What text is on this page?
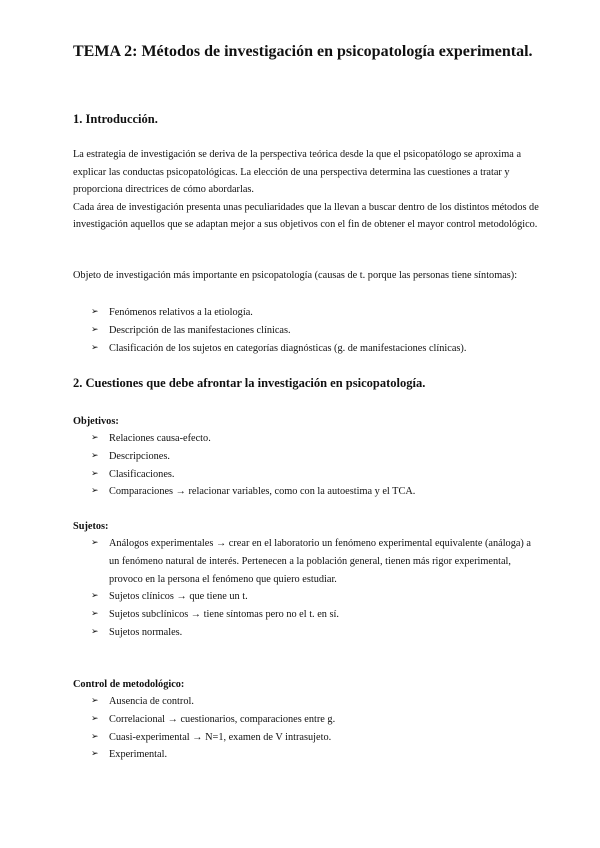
TEMA 2: Métodos de investigación en psicopatología experimental.
1. Introducción.

La estrategia de investigación se deriva de la perspectiva teórica desde la que el psicopatólogo se aproxima a explicar las conductas psicopatológicas. La elección de una perspectiva determina las cuestiones a tratar y proporciona directrices de cómo abordarlas.

Cada área de investigación presenta unas peculiaridades que la llevan a buscar dentro de los distintos métodos de investigación aquellos que se adaptan mejor a sus objetivos con el fin de obtener el mayor control metodológico.

Objeto de investigación más importante en psicopatología (causas de t. porque las personas tiene síntomas):
➢ Fenómenos relativos a la etiología.
➢ Descripción de las manifestaciones clínicas.
➢ Clasificación de los sujetos en categorías diagnósticas (g. de manifestaciones clínicas).
2. Cuestiones que debe afrontar la investigación en psicopatología.
Objetivos:
➢ Relaciones causa-efecto.
➢ Descripciones.
➢ Clasificaciones.
➢ Comparaciones → relacionar variables, como con la autoestima y el TCA.
Sujetos:
➢ Análogos experimentales → crear en el laboratorio un fenómeno experimental equivalente (análoga) a un fenómeno natural de interés. Pertenecen a la población general, tienen más rigor experimental, provoco en la persona el fenómeno que quiero estudiar.
➢ Sujetos clínicos → que tiene un t.
➢ Sujetos subclínicos → tiene síntomas pero no el t. en sí.
➢ Sujetos normales.
Control de metodológico:
➢ Ausencia de control.
➢ Correlacional → cuestionarios, comparaciones entre g.
➢ Cuasi-experimental → N=1, examen de V intrasujeto.
➢ Experimental.
